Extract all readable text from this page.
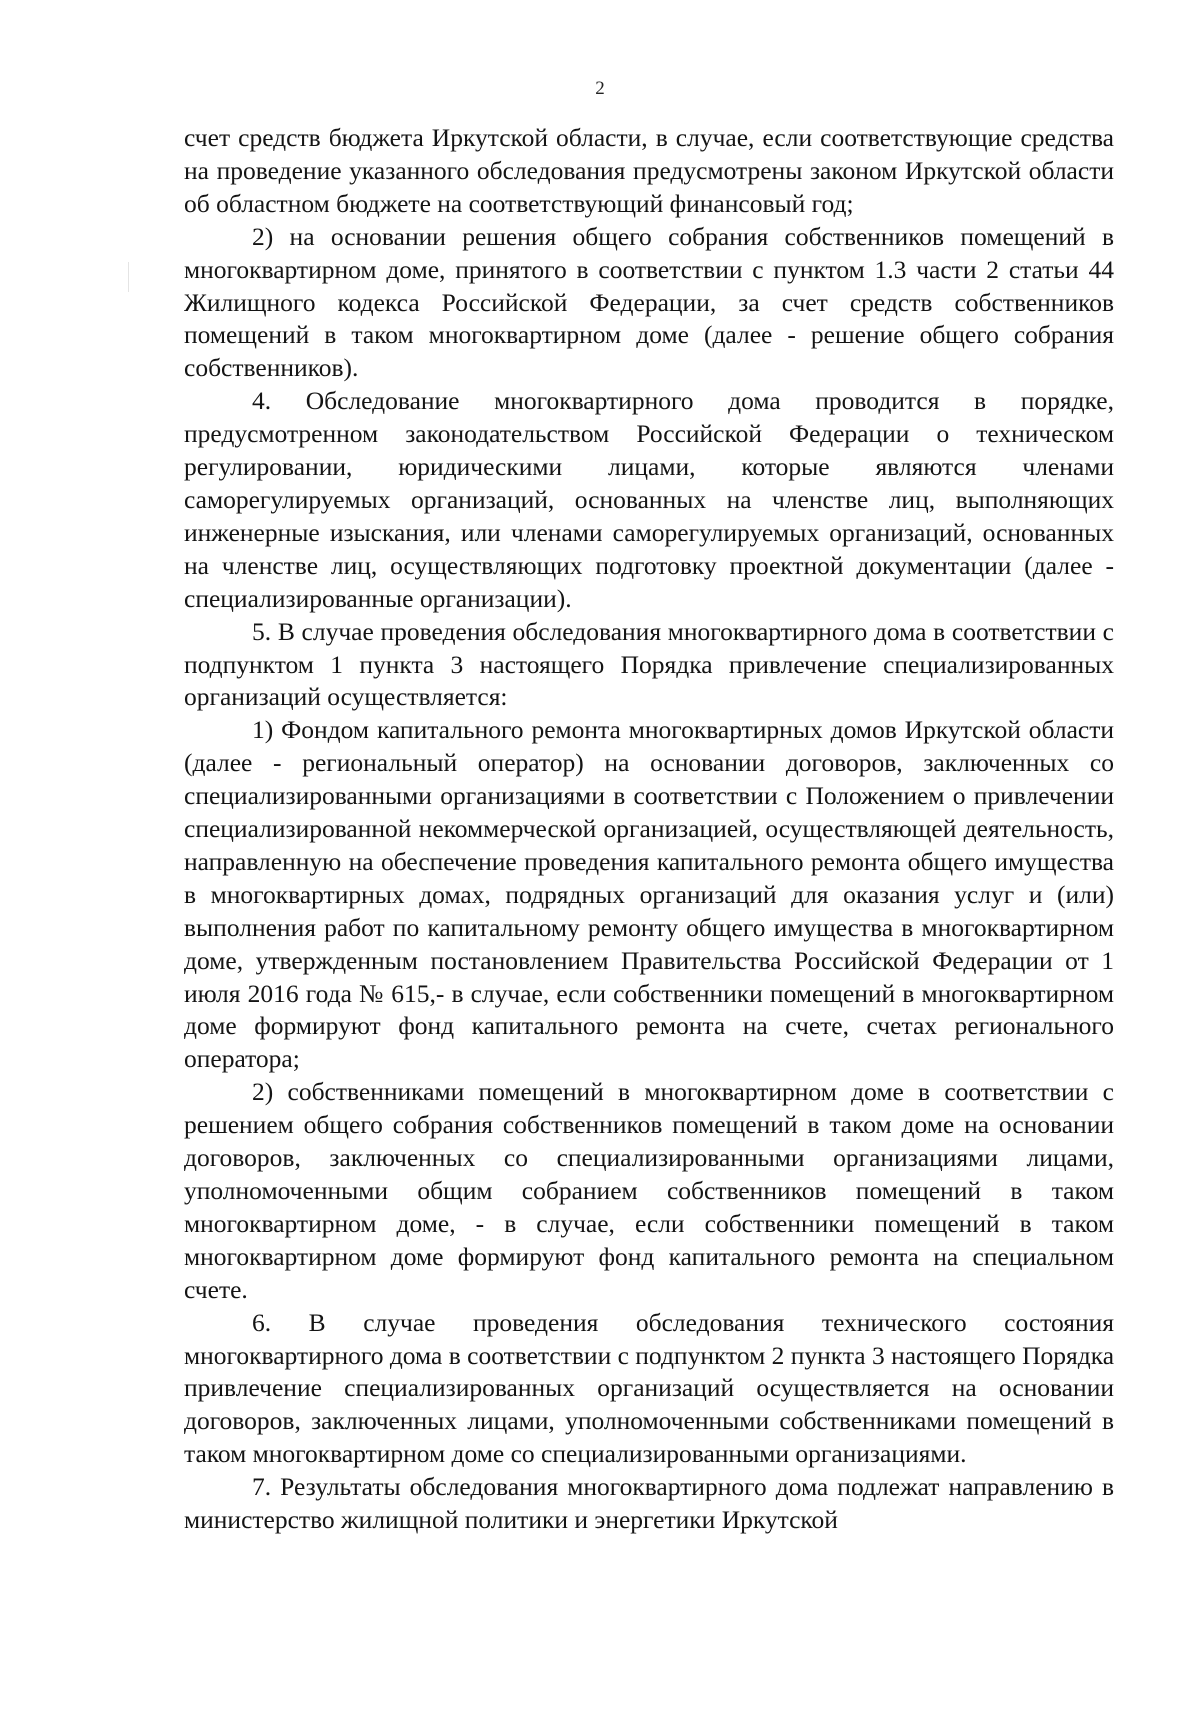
2

счет средств бюджета Иркутской области, в случае, если соответствующие средства на проведение указанного обследования предусмотрены законом Иркутской области об областном бюджете на соответствующий финансовый год;

2) на основании решения общего собрания собственников помещений в многоквартирном доме, принятого в соответствии с пунктом 1.3 части 2 статьи 44 Жилищного кодекса Российской Федерации, за счет средств собственников помещений в таком многоквартирном доме (далее - решение общего собрания собственников).

4. Обследование многоквартирного дома проводится в порядке, предусмотренном законодательством Российской Федерации о техническом регулировании, юридическими лицами, которые являются членами саморегулируемых организаций, основанных на членстве лиц, выполняющих инженерные изыскания, или членами саморегулируемых организаций, основанных на членстве лиц, осуществляющих подготовку проектной документации (далее - специализированные организации).

5. В случае проведения обследования многоквартирного дома в соответствии с подпунктом 1 пункта 3 настоящего Порядка привлечение специализированных организаций осуществляется:

1) Фондом капитального ремонта многоквартирных домов Иркутской области (далее - региональный оператор) на основании договоров, заключенных со специализированными организациями в соответствии с Положением о привлечении специализированной некоммерческой организацией, осуществляющей деятельность, направленную на обеспечение проведения капитального ремонта общего имущества в многоквартирных домах, подрядных организаций для оказания услуг и (или) выполнения работ по капитальному ремонту общего имущества в многоквартирном доме, утвержденным постановлением Правительства Российской Федерации от 1 июля 2016 года № 615,- в случае, если собственники помещений в многоквартирном доме формируют фонд капитального ремонта на счете, счетах регионального оператора;

2) собственниками помещений в многоквартирном доме в соответствии с решением общего собрания собственников помещений в таком доме на основании договоров, заключенных со специализированными организациями лицами, уполномоченными общим собранием собственников помещений в таком многоквартирном доме, - в случае, если собственники помещений в таком многоквартирном доме формируют фонд капитального ремонта на специальном счете.

6. В случае проведения обследования технического состояния многоквартирного дома в соответствии с подпунктом 2 пункта 3 настоящего Порядка привлечение специализированных организаций осуществляется на основании договоров, заключенных лицами, уполномоченными собственниками помещений в таком многоквартирном доме со специализированными организациями.

7. Результаты обследования многоквартирного дома подлежат направлению в министерство жилищной политики и энергетики Иркутской
